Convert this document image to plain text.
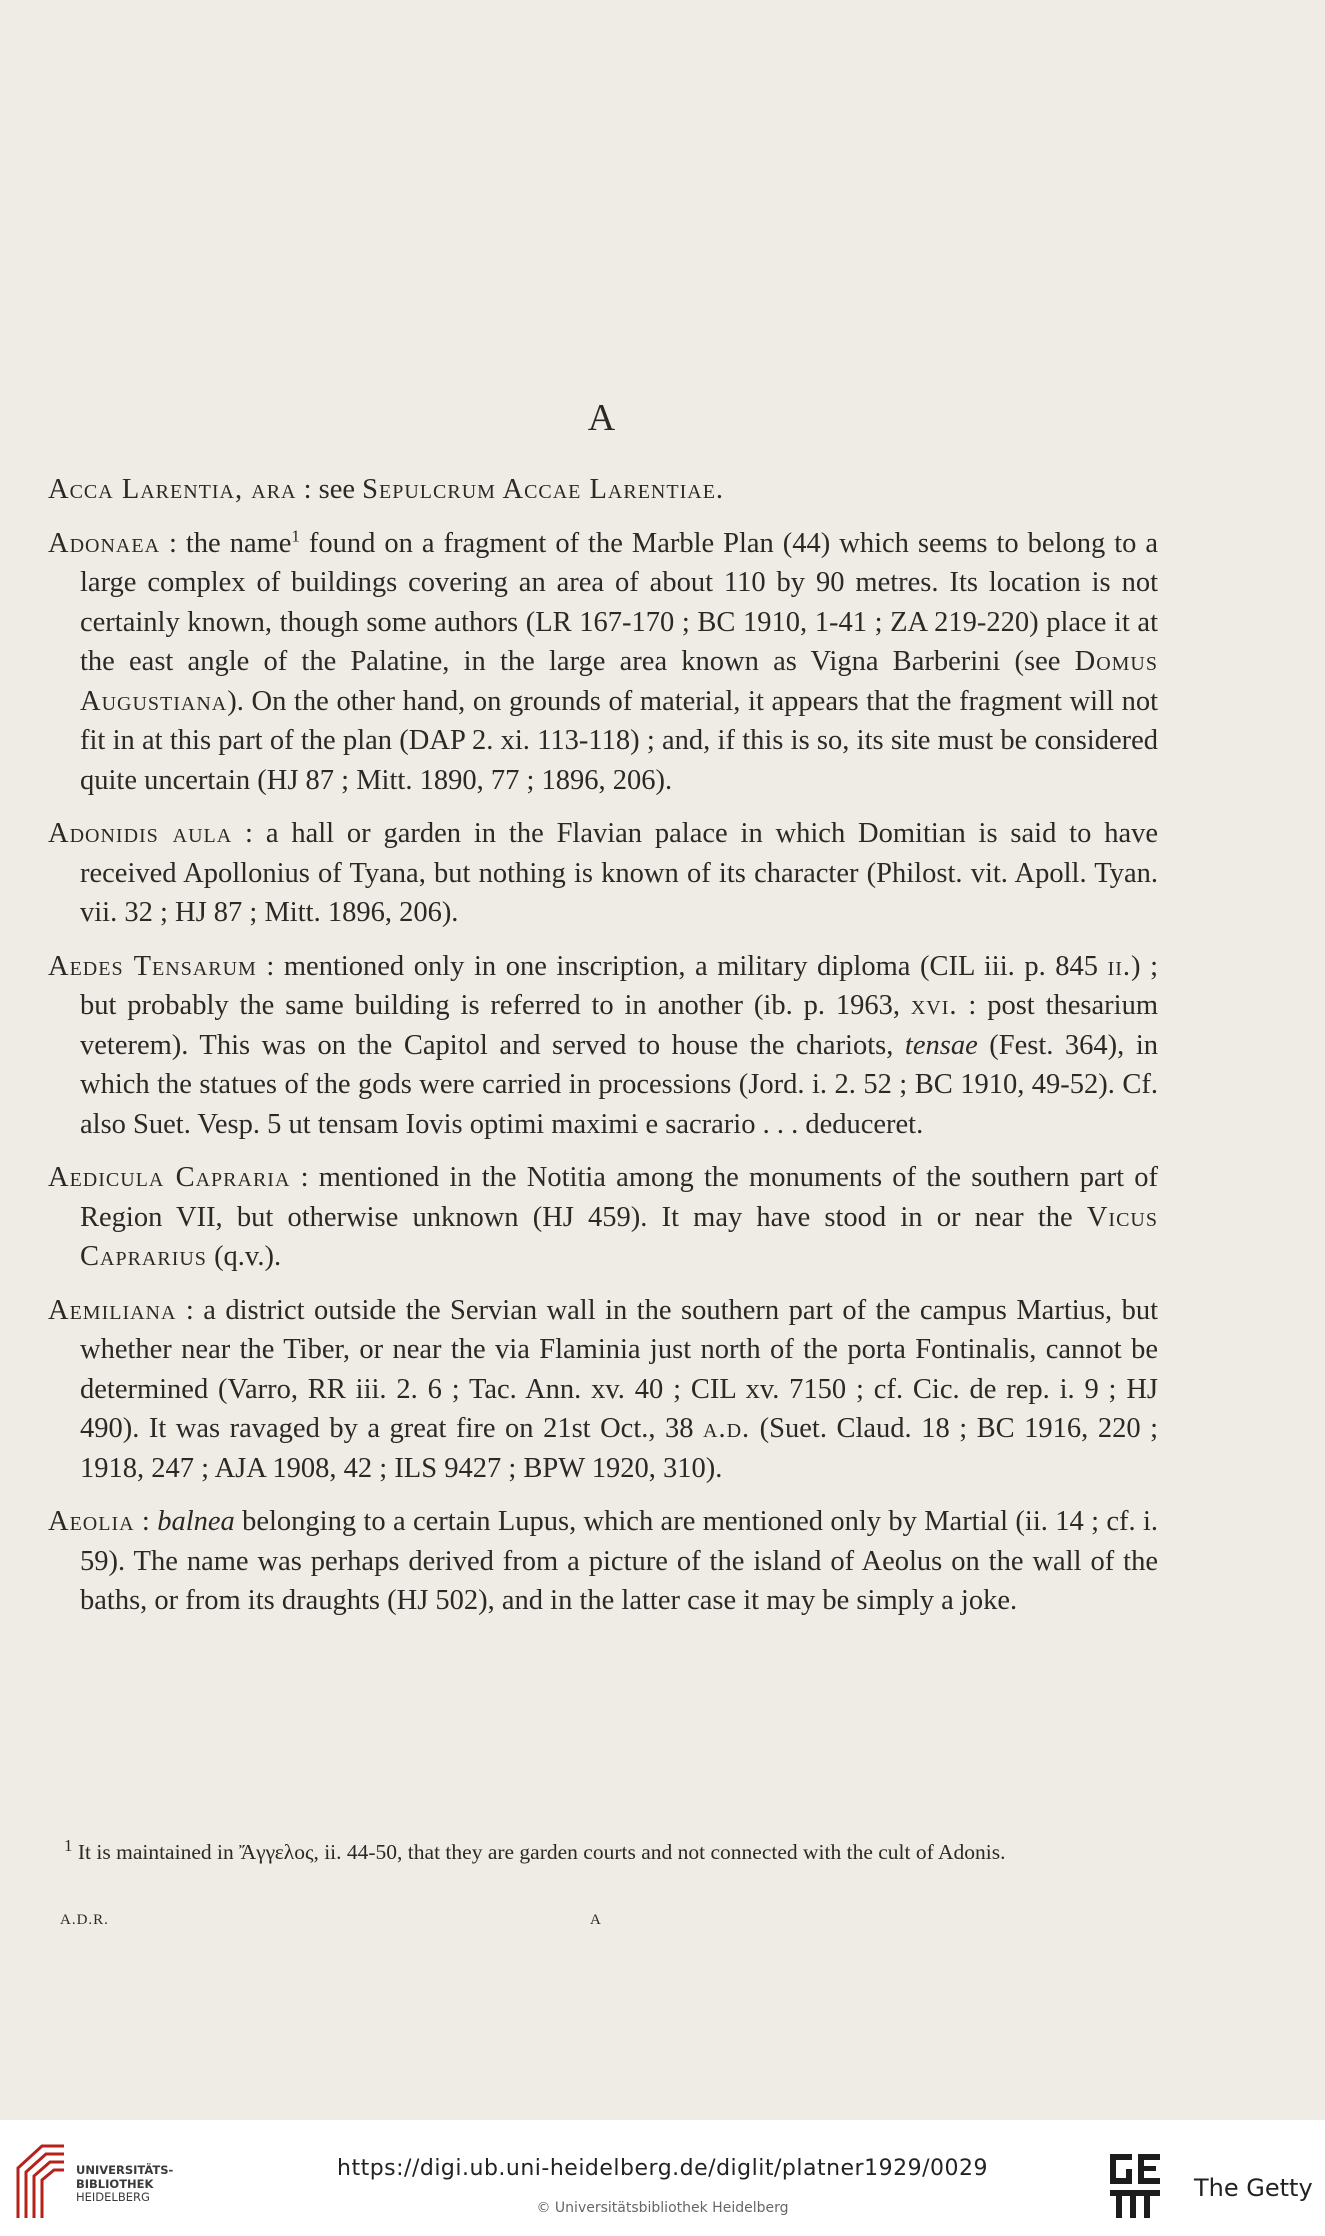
A

Acca Larentia, ara : see Sepulcrum Accae Larentiae.

Adonaea : the name$^1$ found on a fragment of the Marble Plan (44) which seems to belong to a large complex of buildings covering an area of about 110 by 90 metres. Its location is not certainly known, though some authors (LR 167-170 ; BC 1910, 1-41 ; ZA 219-220) place it at the east angle of the Palatine, in the large area known as Vigna Barberini (see Domus Augustiana). On the other hand, on grounds of material, it appears that the fragment will not fit in at this part of the plan (DAP 2. xi. 113-118) ; and, if this is so, its site must be considered quite uncertain (HJ 87 ; Mitt. 1890, 77 ; 1896, 206).

Adonidis aula : a hall or garden in the Flavian palace in which Domitian is said to have received Apollonius of Tyana, but nothing is known of its character (Philost. vit. Apoll. Tyan. vii. 32 ; HJ 87 ; Mitt. 1896, 206).

Aedes Tensarum : mentioned only in one inscription, a military diploma (CIL iii. p. 845 ii.) ; but probably the same building is referred to in another (ib. p. 1963, xvi. : post thesarium veterem). This was on the Capitol and served to house the chariots, tensae (Fest. 364), in which the statues of the gods were carried in processions (Jord. i. 2. 52 ; BC 1910, 49-52). Cf. also Suet. Vesp. 5 ut tensam Iovis optimi maximi e sacrario . . . deduceret.

Aedicula Capraria : mentioned in the Notitia among the monuments of the southern part of Region VII, but otherwise unknown (HJ 459). It may have stood in or near the Vicus Caprarius (q.v.).

Aemiliana : a district outside the Servian wall in the southern part of the campus Martius, but whether near the Tiber, or near the via Flaminia just north of the porta Fontinalis, cannot be determined (Varro, RR iii. 2. 6 ; Tac. Ann. xv. 40 ; CIL xv. 7150 ; cf. Cic. de rep. i. 9 ; HJ 490). It was ravaged by a great fire on 21st Oct., 38 a.d. (Suet. Claud. 18 ; BC 1916, 220 ; 1918, 247 ; AJA 1908, 42 ; ILS 9427 ; BPW 1920, 310).

Aeolia : balnea belonging to a certain Lupus, which are mentioned only by Martial (ii. 14 ; cf. i. 59). The name was perhaps derived from a picture of the island of Aeolus on the wall of the baths, or from its draughts (HJ 502), and in the latter case it may be simply a joke.

$^1$ It is maintained in Ἄγγελος, ii. 44-50, that they are garden courts and not connected with the cult of Adonis.
A.D.R.	A
UNIVERSITÄTS-
BIBLIOTHEK
HEIDELBERG
https://digi.ub.uni-heidelberg.de/diglit/platner1929/0029
© Universitätsbibliothek Heidelberg
The Getty
